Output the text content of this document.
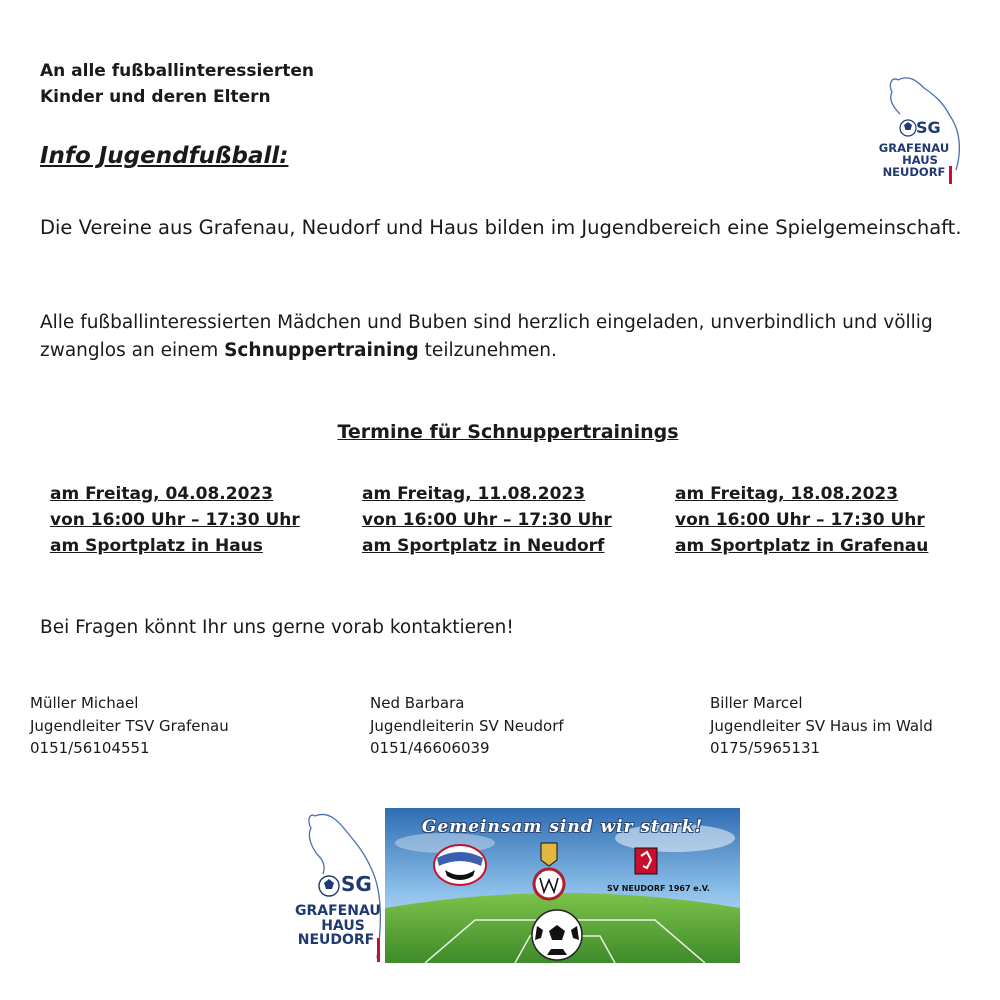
An alle fußballinteressierten
Kinder und deren Eltern
SG
GRAFENAU
HAUS
NEUDORF
Info Jugendfußball:
Die Vereine aus Grafenau, Neudorf und Haus bilden im Jugendbereich eine Spielgemeinschaft.
Alle fußballinteressierten Mädchen und Buben sind herzlich eingeladen, unverbindlich und völlig zwanglos an einem Schnuppertraining teilzunehmen.
Termine für Schnuppertrainings
am Freitag, 04.08.2023
von 16:00 Uhr – 17:30 Uhr
am Sportplatz in Haus
am Freitag, 11.08.2023
von 16:00 Uhr – 17:30 Uhr
am Sportplatz in Neudorf
am Freitag, 18.08.2023
von 16:00 Uhr – 17:30 Uhr
am Sportplatz in Grafenau
Bei Fragen könnt Ihr uns gerne vorab kontaktieren!
Müller Michael
Jugendleiter TSV Grafenau
0151/56104551
Ned Barbara
Jugendleiterin SV Neudorf
0151/46606039
Biller Marcel
Jugendleiter SV Haus im Wald
0175/5965131
SG
GRAFENAU
HAUS
NEUDORF
Gemeinsam sind wir stark!
SV NEUDORF 1967 e.V.
